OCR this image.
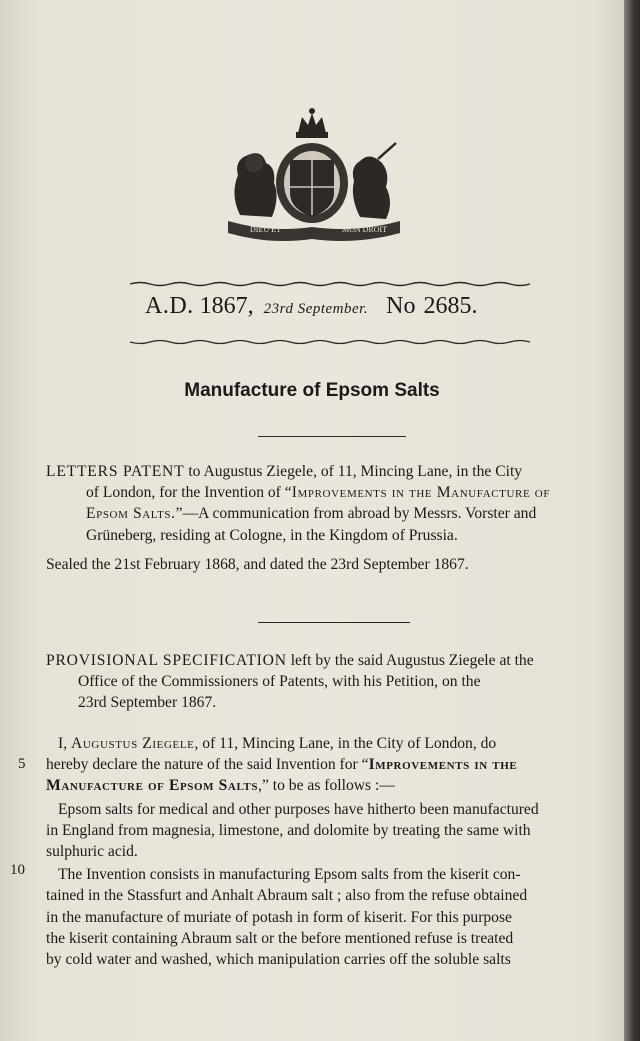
DIEU ET	MON DROIT
A.D. 1867, 23rd September. No 2685.
Manufacture of Epsom Salts
LETTERS PATENT to Augustus Ziegele, of 11, Mincing Lane, in the City
of London, for the Invention of “Improvements in the Manufacture of
Epsom Salts.”—A communication from abroad by Messrs. Vorster and
Grüneberg, residing at Cologne, in the Kingdom of Prussia.
Sealed the 21st February 1868, and dated the 23rd September 1867.
PROVISIONAL SPECIFICATION left by the said Augustus Ziegele at the
Office of the Commissioners of Patents, with his Petition, on the
23rd September 1867.
I, Augustus Ziegele, of 11, Mincing Lane, in the City of London, do
hereby declare the nature of the said Invention for “Improvements in the
Manufacture of Epsom Salts,” to be as follows :—
Epsom salts for medical and other purposes have hitherto been manufactured
in England from magnesia, limestone, and dolomite by treating the same with
sulphuric acid.
The Invention consists in manufacturing Epsom salts from the kiserit con-
tained in the Stassfurt and Anhalt Abraum salt ; also from the refuse obtained
in the manufacture of muriate of potash in form of kiserit. For this purpose
the kiserit containing Abraum salt or the before mentioned refuse is treated
by cold water and washed, which manipulation carries off the soluble salts
5
10
